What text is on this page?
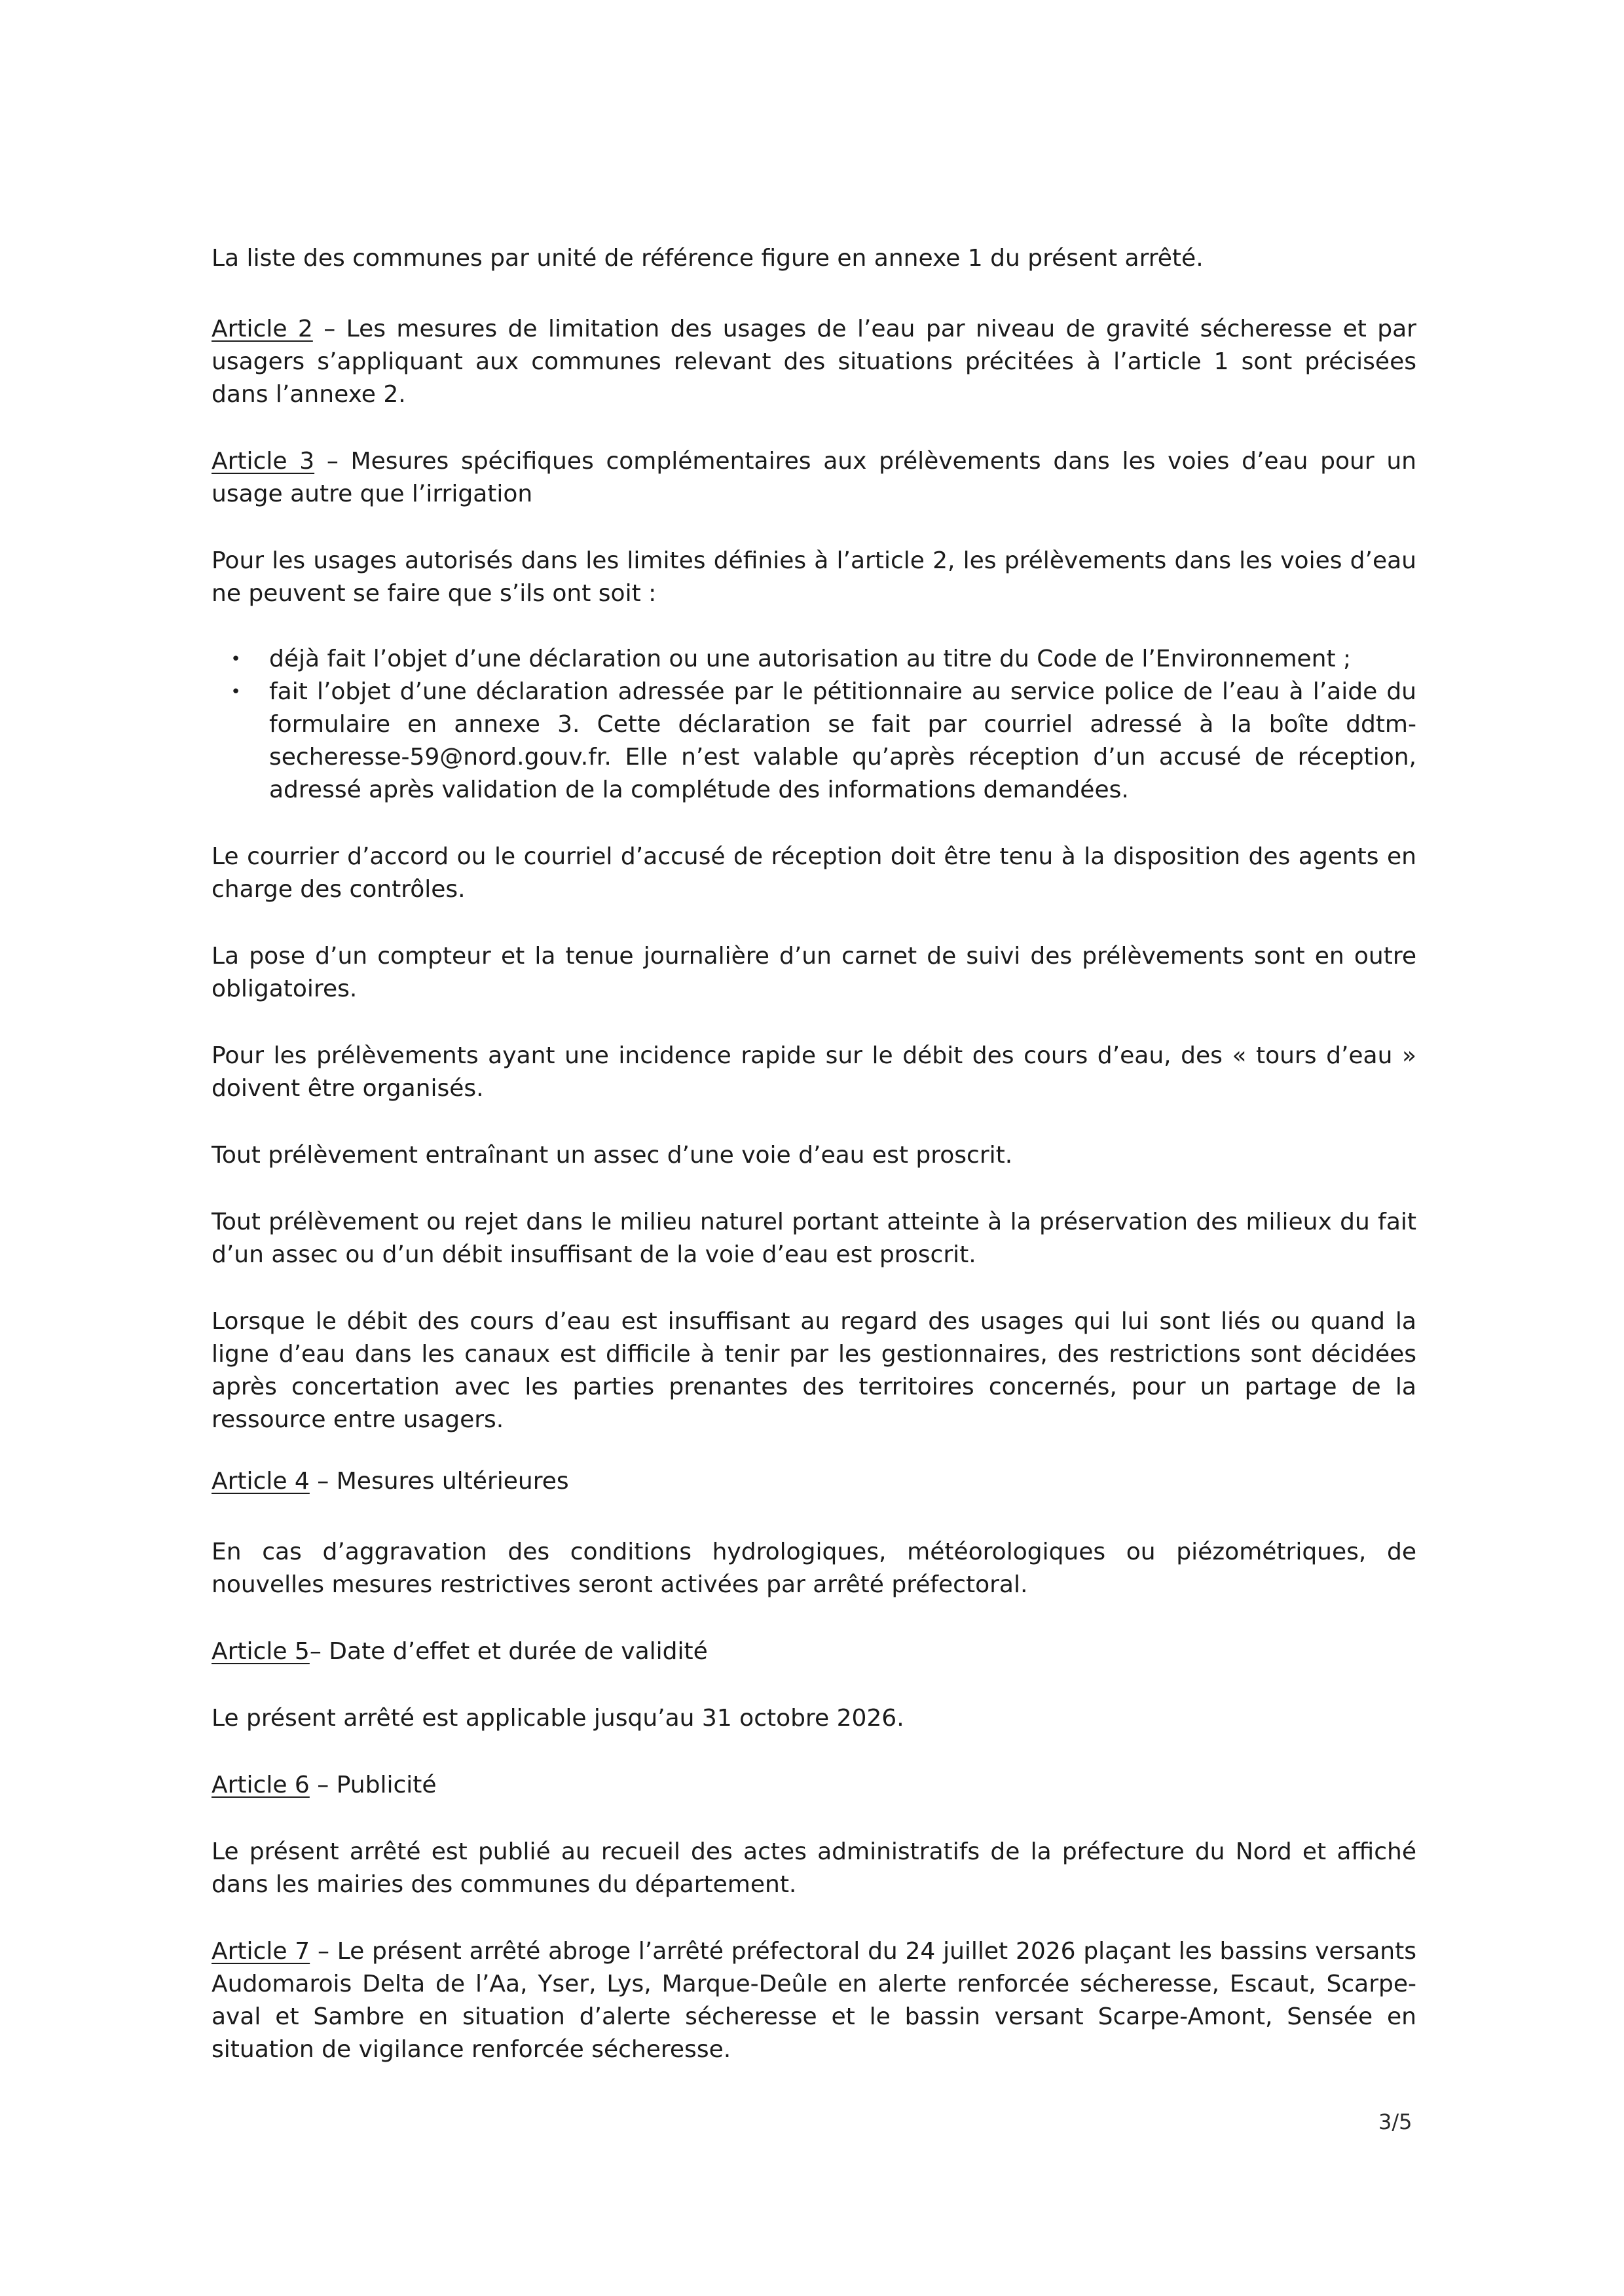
La liste des communes par unité de référence figure en annexe 1 du présent arrêté.

Article 2 – Les mesures de limitation des usages de l’eau par niveau de gravité sécheresse et par usagers s’appliquant aux communes relevant des situations précitées à l’article 1 sont précisées dans l’annexe 2.

Article 3 – Mesures spécifiques complémentaires aux prélèvements dans les voies d’eau pour un usage autre que l’irrigation

Pour les usages autorisés dans les limites définies à l’article 2, les prélèvements dans les voies d’eau ne peuvent se faire que s’ils ont soit :

• déjà fait l’objet d’une déclaration ou une autorisation au titre du Code de l’Environnement ;
• fait l’objet d’une déclaration adressée par le pétitionnaire au service police de l’eau à l’aide du formulaire en annexe 3. Cette déclaration se fait par courriel adressé à la boîte ddtm-secheresse-59@nord.gouv.fr. Elle n’est valable qu’après réception d’un accusé de réception, adressé après validation de la complétude des informations demandées.

Le courrier d’accord ou le courriel d’accusé de réception doit être tenu à la disposition des agents en charge des contrôles.

La pose d’un compteur et la tenue journalière d’un carnet de suivi des prélèvements sont en outre obligatoires.

Pour les prélèvements ayant une incidence rapide sur le débit des cours d’eau, des « tours d’eau » doivent être organisés.

Tout prélèvement entraînant un assec d’une voie d’eau est proscrit.

Tout prélèvement ou rejet dans le milieu naturel portant atteinte à la préservation des milieux du fait d’un assec ou d’un débit insuffisant de la voie d’eau est proscrit.

Lorsque le débit des cours d’eau est insuffisant au regard des usages qui lui sont liés ou quand la ligne d’eau dans les canaux est difficile à tenir par les gestionnaires, des restrictions sont décidées après concertation avec les parties prenantes des territoires concernés, pour un partage de la ressource entre usagers.

Article 4 – Mesures ultérieures

En cas d’aggravation des conditions hydrologiques, météorologiques ou piézométriques, de nouvelles mesures restrictives seront activées par arrêté préfectoral.

Article 5– Date d’effet et durée de validité

Le présent arrêté est applicable jusqu’au 31 octobre 2026.

Article 6 – Publicité

Le présent arrêté est publié au recueil des actes administratifs de la préfecture du Nord et affiché dans les mairies des communes du département.

Article 7 – Le présent arrêté abroge l’arrêté préfectoral du 24 juillet 2026 plaçant les bassins versants Audomarois Delta de l’Aa, Yser, Lys, Marque-Deûle en alerte renforcée sécheresse, Escaut, Scarpe-aval et Sambre en situation d’alerte sécheresse et le bassin versant Scarpe-Amont, Sensée en situation de vigilance renforcée sécheresse.

3/5
